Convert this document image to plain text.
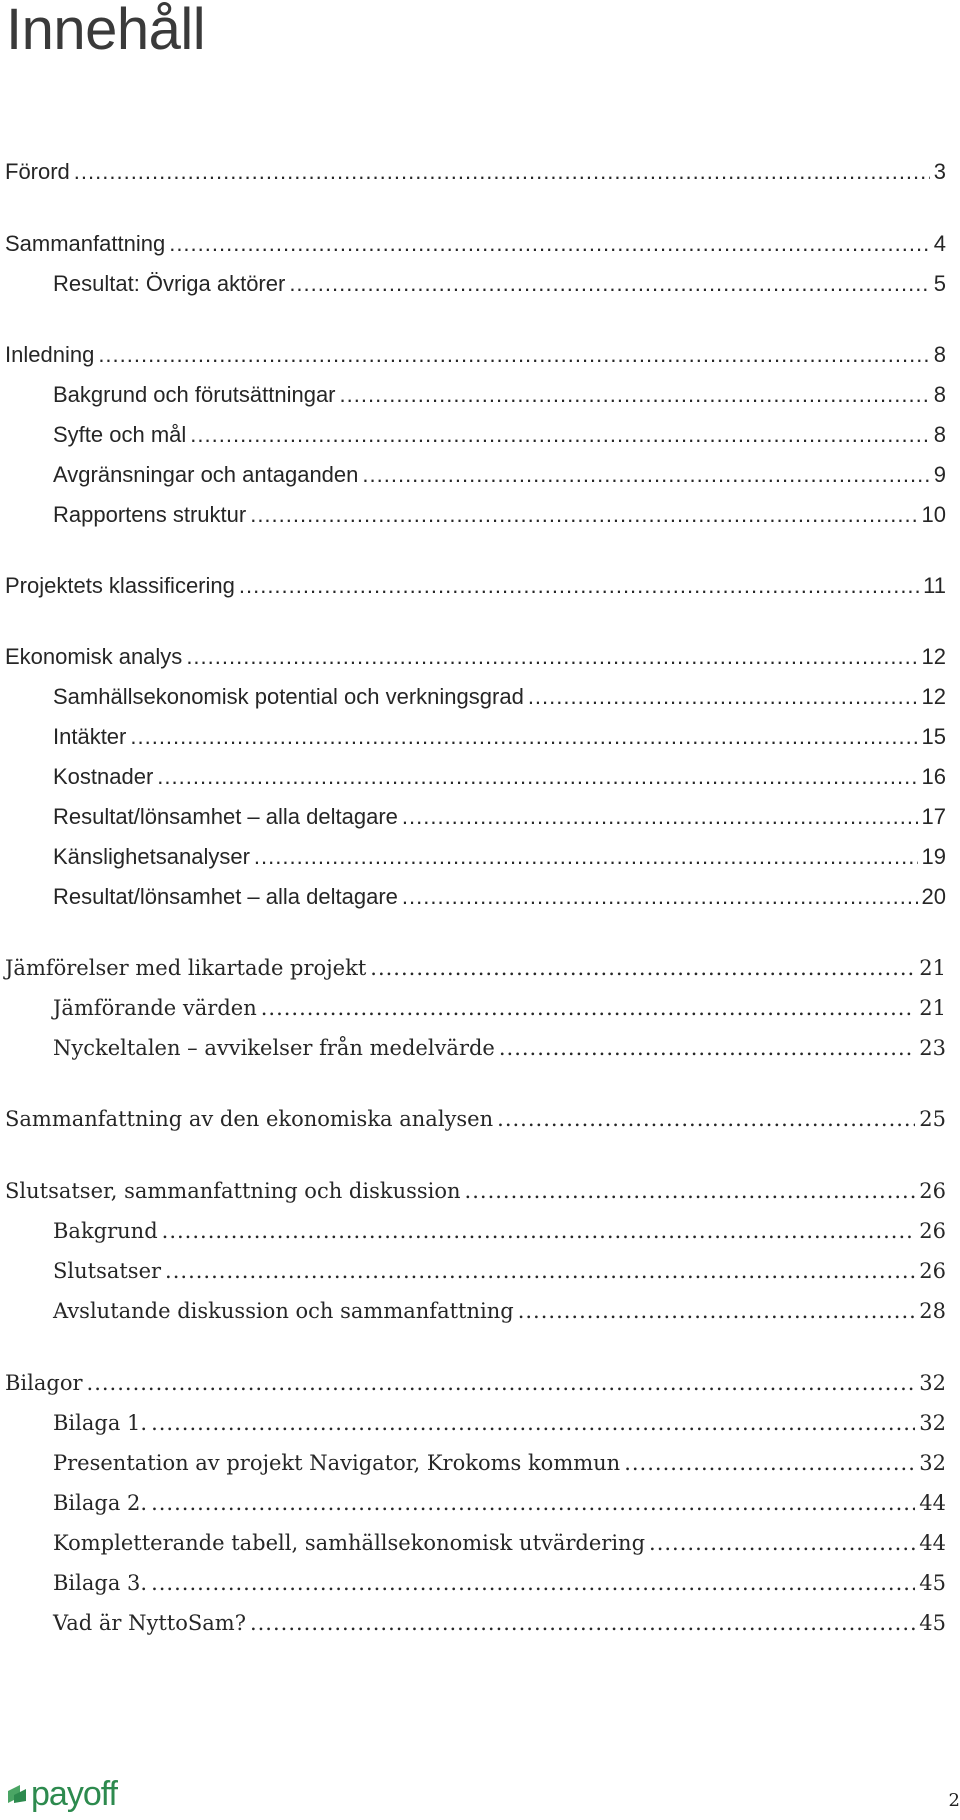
Innehåll
Förord .....	3
Sammanfattning .....	4
Resultat: Övriga aktörer .....	5
Inledning .....	8
Bakgrund och förutsättningar .....	8
Syfte och mål .....	8
Avgränsningar och antaganden .....	9
Rapportens struktur .....	10
Projektets klassificering .....	11
Ekonomisk analys .....	12
Samhällsekonomisk potential och verkningsgrad .....	12
Intäkter .....	15
Kostnader .....	16
Resultat/lönsamhet – alla deltagare .....	17
Känslighetsanalyser .....	19
Resultat/lönsamhet – alla deltagare .....	20
Jämförelser med likartade projekt .....	21
Jämförande värden .....	21
Nyckeltalen – avvikelser från medelvärde .....	23
Sammanfattning av den ekonomiska analysen .....	25
Slutsatser, sammanfattning och diskussion .....	26
Bakgrund .....	26
Slutsatser .....	26
Avslutande diskussion och sammanfattning .....	28
Bilagor .....	32
Bilaga 1. .....	32
Presentation av projekt Navigator, Krokoms kommun .....	32
Bilaga 2. .....	44
Kompletterande tabell, samhällsekonomisk utvärdering .....	44
Bilaga 3. .....	45
Vad är NyttoSam? .....	45
payoff	2
